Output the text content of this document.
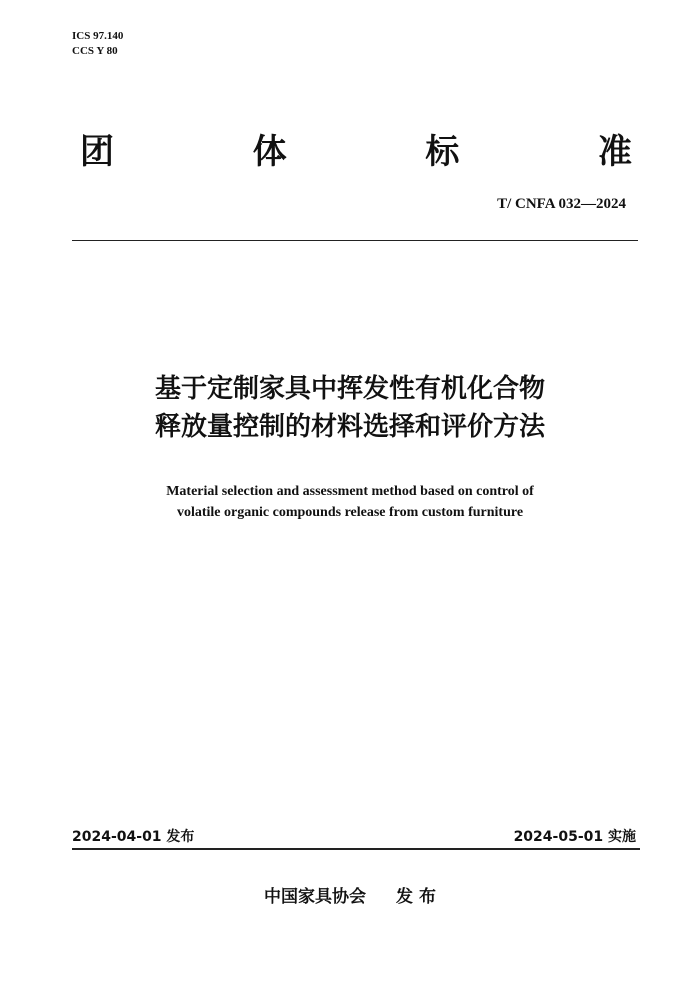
ICS 97.140
CCS Y 80
团	体	标	准
T/ CNFA 032—2024
基于定制家具中挥发性有机化合物
释放量控制的材料选择和评价方法
Material selection and assessment method based on control of
volatile organic compounds release from custom furniture
2024-04-01 发布	2024-05-01 实施
中国家具协会 发 布
